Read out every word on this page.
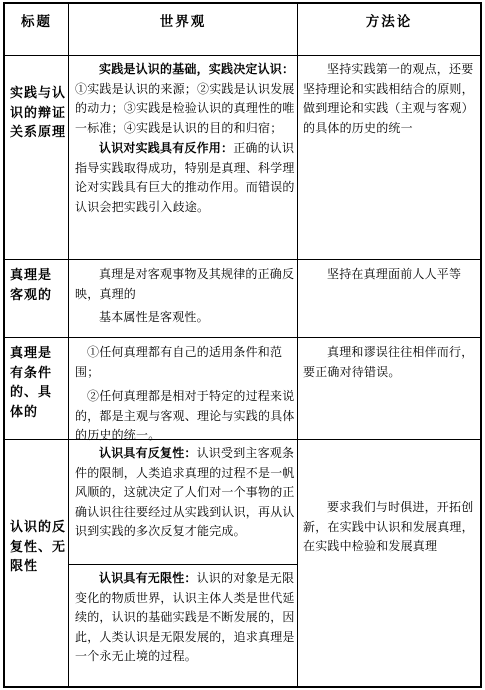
标题	世界观	方法论
实践与认识的辩证关系原理

实践是认识的基础，实践决定认识：①实践是认识的来源；②实践是认识发展的动力；③实践是检验认识的真理性的唯一标准；④实践是认识的目的和归宿；

认识对实践具有反作用：正确的认识指导实践取得成功，特别是真理、科学理论对实践具有巨大的推动作用。而错误的认识会把实践引入歧途。

坚持实践第一的观点，还要坚持理论和实践相结合的原则，做到理论和实践（主观与客观）的具体的历史的统一

真理是客观的

真理是对客观事物及其规律的正确反映，真理的

基本属性是客观性。

坚持在真理面前人人平等

真理是有条件的、具体的

①任何真理都有自己的适用条件和范围；

②任何真理都是相对于特定的过程来说的，都是主观与客观、理论与实践的具体的历史的统一。

真理和谬误往往相伴而行，要正确对待错误。

认识的反复性、无限性

认识具有反复性：认识受到主客观条件的限制，人类追求真理的过程不是一帆风顺的，这就决定了人们对一个事物的正确认识往往要经过从实践到认识，再从认识到实践的多次反复才能完成。

认识具有无限性：认识的对象是无限变化的物质世界，认识主体人类是世代延续的，认识的基础实践是不断发展的，因此，人类认识是无限发展的，追求真理是一个永无止境的过程。

要求我们与时俱进，开拓创新，在实践中认识和发展真理，在实践中检验和发展真理
